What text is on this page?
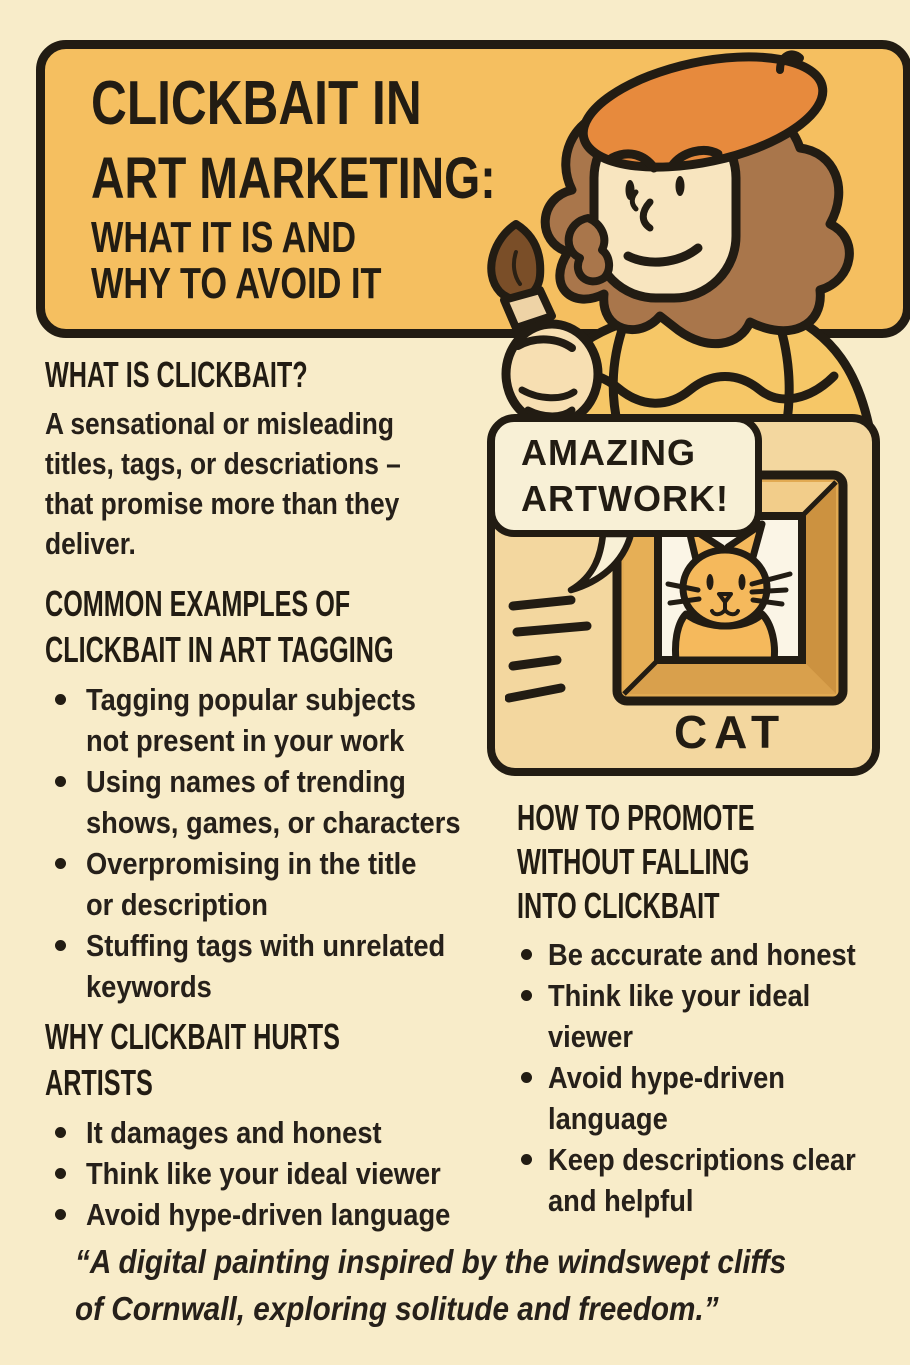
CLICKBAIT IN
ART MARKETING:
WHAT IT IS AND
WHY TO AVOID IT
CAT
AMAZING
ARTWORK!
WHAT IS CLICKBAIT?
A sensational or misleading
titles, tags, or descriations –
that promise more than they
deliver.
COMMON EXAMPLES OF
CLICKBAIT IN ART TAGGING
Tagging popular subjects
not present in your work
Using names of trending
shows, games, or characters
Overpromising in the title
or description
Stuffing tags with unrelated
keywords
WHY CLICKBAIT HURTS
ARTISTS
It damages and honest
Think like your ideal viewer
Avoid hype-driven language
HOW TO PROMOTE
WITHOUT FALLING
INTO CLICKBAIT
Be accurate and honest
Think like your ideal
viewer
Avoid hype-driven
language
Keep descriptions clear
and helpful
“A digital painting inspired by the windswept cliffs
of Cornwall, exploring solitude and freedom.”
